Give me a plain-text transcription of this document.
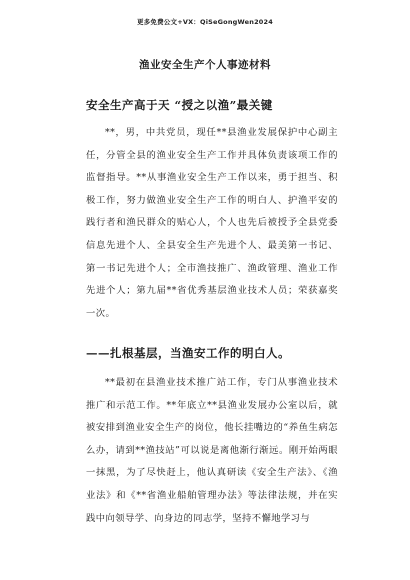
更多免费公文+VX：QiSeGongWen2024
渔业安全生产个人事迹材料
安全生产高于天 “授之以渔”最关键

**，男，中共党员，现任**县渔业发展保护中心副主任，分管全县的渔业安全生产工作并具体负责该项工作的监督指导。**从事渔业安全生产工作以来，勇于担当、积极工作，努力做渔业安全生产工作的明白人、护渔平安的践行者和渔民群众的贴心人，个人也先后被授予全县党委信息先进个人、全县安全生产先进个人、最美第一书记、第一书记先进个人；全市渔技推广、渔政管理、渔业工作先进个人；第九届**省优秀基层渔业技术人员；荣获嘉奖一次。

——扎根基层，当渔安工作的明白人。

**最初在县渔业技术推广站工作，专门从事渔业技术推广和示范工作。**年底立**县渔业发展办公室以后，就被安排到渔业安全生产的岗位，他长挂嘴边的“养鱼生病怎么办，请到**渔技站”可以说是离他渐行渐远。刚开始两眼一抹黑，为了尽快赶上，他认真研读《安全生产法》、《渔业法》和《**省渔业船舶管理办法》等法律法规，并在实践中向领导学、向身边的同志学，坚持不懈地学习与
